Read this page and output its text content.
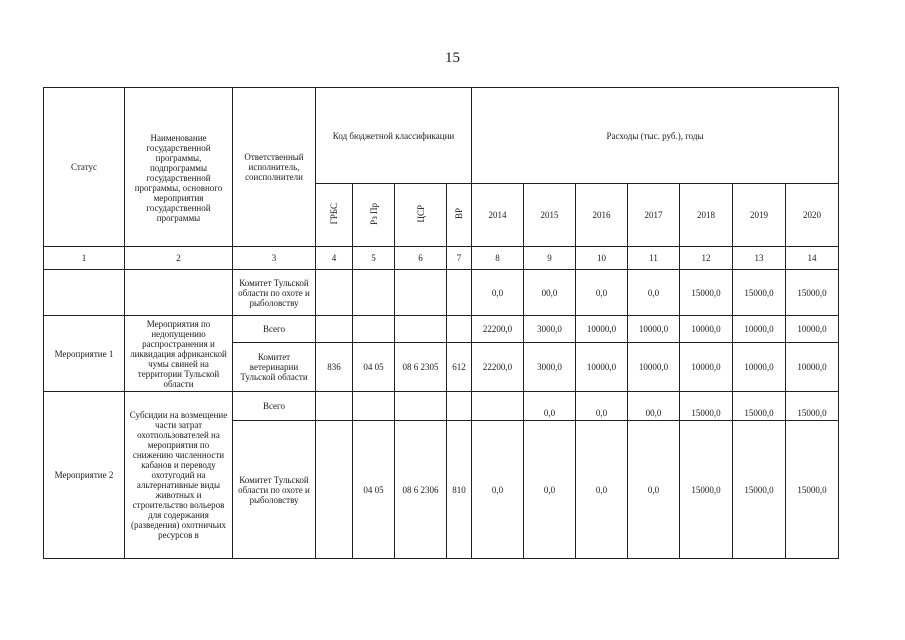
15
Статус	Наименование государственной программы, подпрограммы государственной программы, основного мероприятия государственной программы	Ответственный исполнитель, соисполнители	Код бюджетной классификации				Расходы (тыс. руб.), годы						
			ГРБС	Рз Пр	ЦСР	ВР	2014	2015	2016	2017	2018	2019	2020
1	2	3	4	5	6	7	8	9	10	11	12	13	14
		Комитет Тульской области по охоте и рыболовству					0,0	00,0	0,0	0,0	15000,0	15000,0	15000,0
Мероприятие 1	Мероприятия по недопущению распространения и ликвидация африканской чумы свиней на территории Тульской области	Всего					22200,0	3000,0	10000,0	10000,0	10000,0	10000,0	10000,0
		Комитет ветеринарии Тульской области	836	04 05	08 6 2305	612	22200,0	3000,0	10000,0	10000,0	10000,0	10000,0	10000,0
Мероприятие 2	Субсидии на возмещение части затрат охотпользователей на мероприятия по снижению численности кабанов и переводу охотугодий на альтернативные виды животных и строительство вольеров для содержания (разведения) охотничьих ресурсов в	Всего						0,0	0,0	00,0	15000,0	15000,0	15000,0
		Комитет Тульской области по охоте и рыболовству		04 05	08 6 2306	810	0,0	0,0	0,0	0,0	15000,0	15000,0	15000,0
